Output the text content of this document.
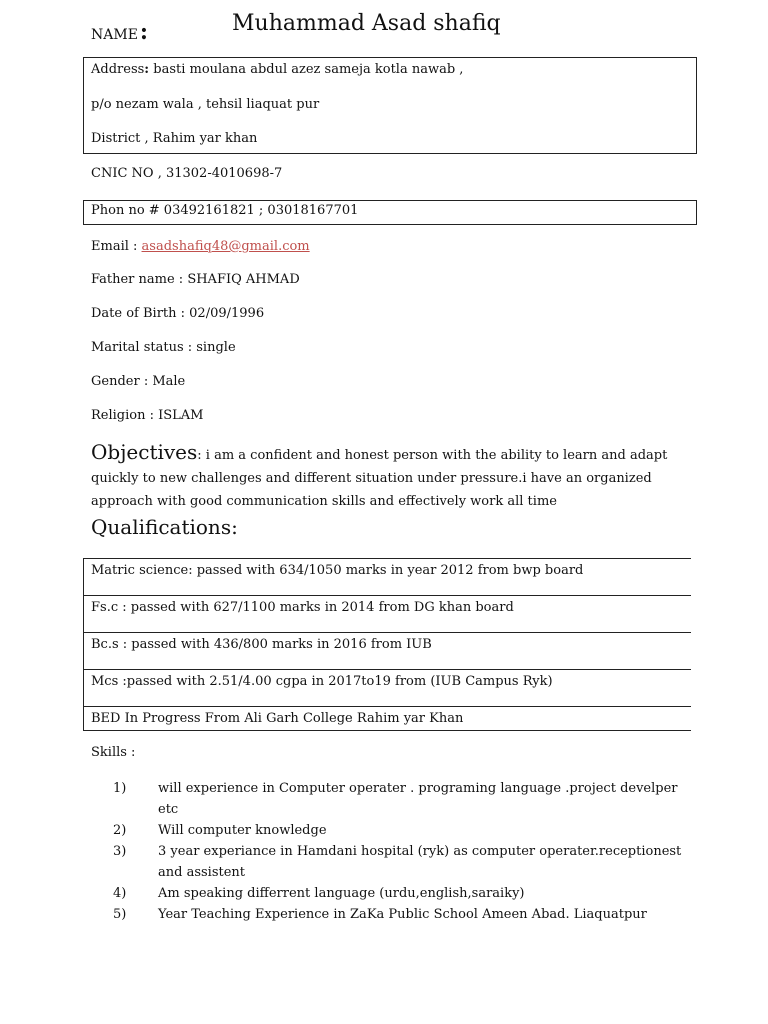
NAME:	Muhammad Asad shafiq
Address: basti moulana abdul azez sameja kotla nawab ,
p/o nezam wala , tehsil liaquat pur
District , Rahim yar khan
CNIC NO , 31302-4010698-7
Phon no # 03492161821 ; 03018167701
Email : asadshafiq48@gmail.com
Father name : SHAFIQ AHMAD
Date of Birth : 02/09/1996
Marital status : single
Gender : Male
Religion : ISLAM
Objectives: i am a confident and honest person with the ability to learn and adapt quickly to new challenges and different situation under pressure.i have an organized approach with good communication skills and effectively work all time
Qualifications:
Matric science: passed with 634/1050 marks in year 2012 from bwp board
Fs.c : passed with 627/1100 marks in 2014 from DG khan board
Bc.s : passed with 436/800 marks in 2016 from IUB
Mcs :passed with 2.51/4.00 cgpa in 2017to19 from (IUB Campus Ryk)
BED In Progress From Ali Garh College Rahim yar Khan
Skills :
1) will experience in Computer operater . programing language .project develper etc
2) Will computer knowledge
3) 3 year experiance in Hamdani hospital (ryk) as computer operater.receptionest and assistent
4) Am speaking differrent language (urdu,english,saraiky)
5) Year Teaching Experience in ZaKa Public School Ameen Abad. Liaquatpur
